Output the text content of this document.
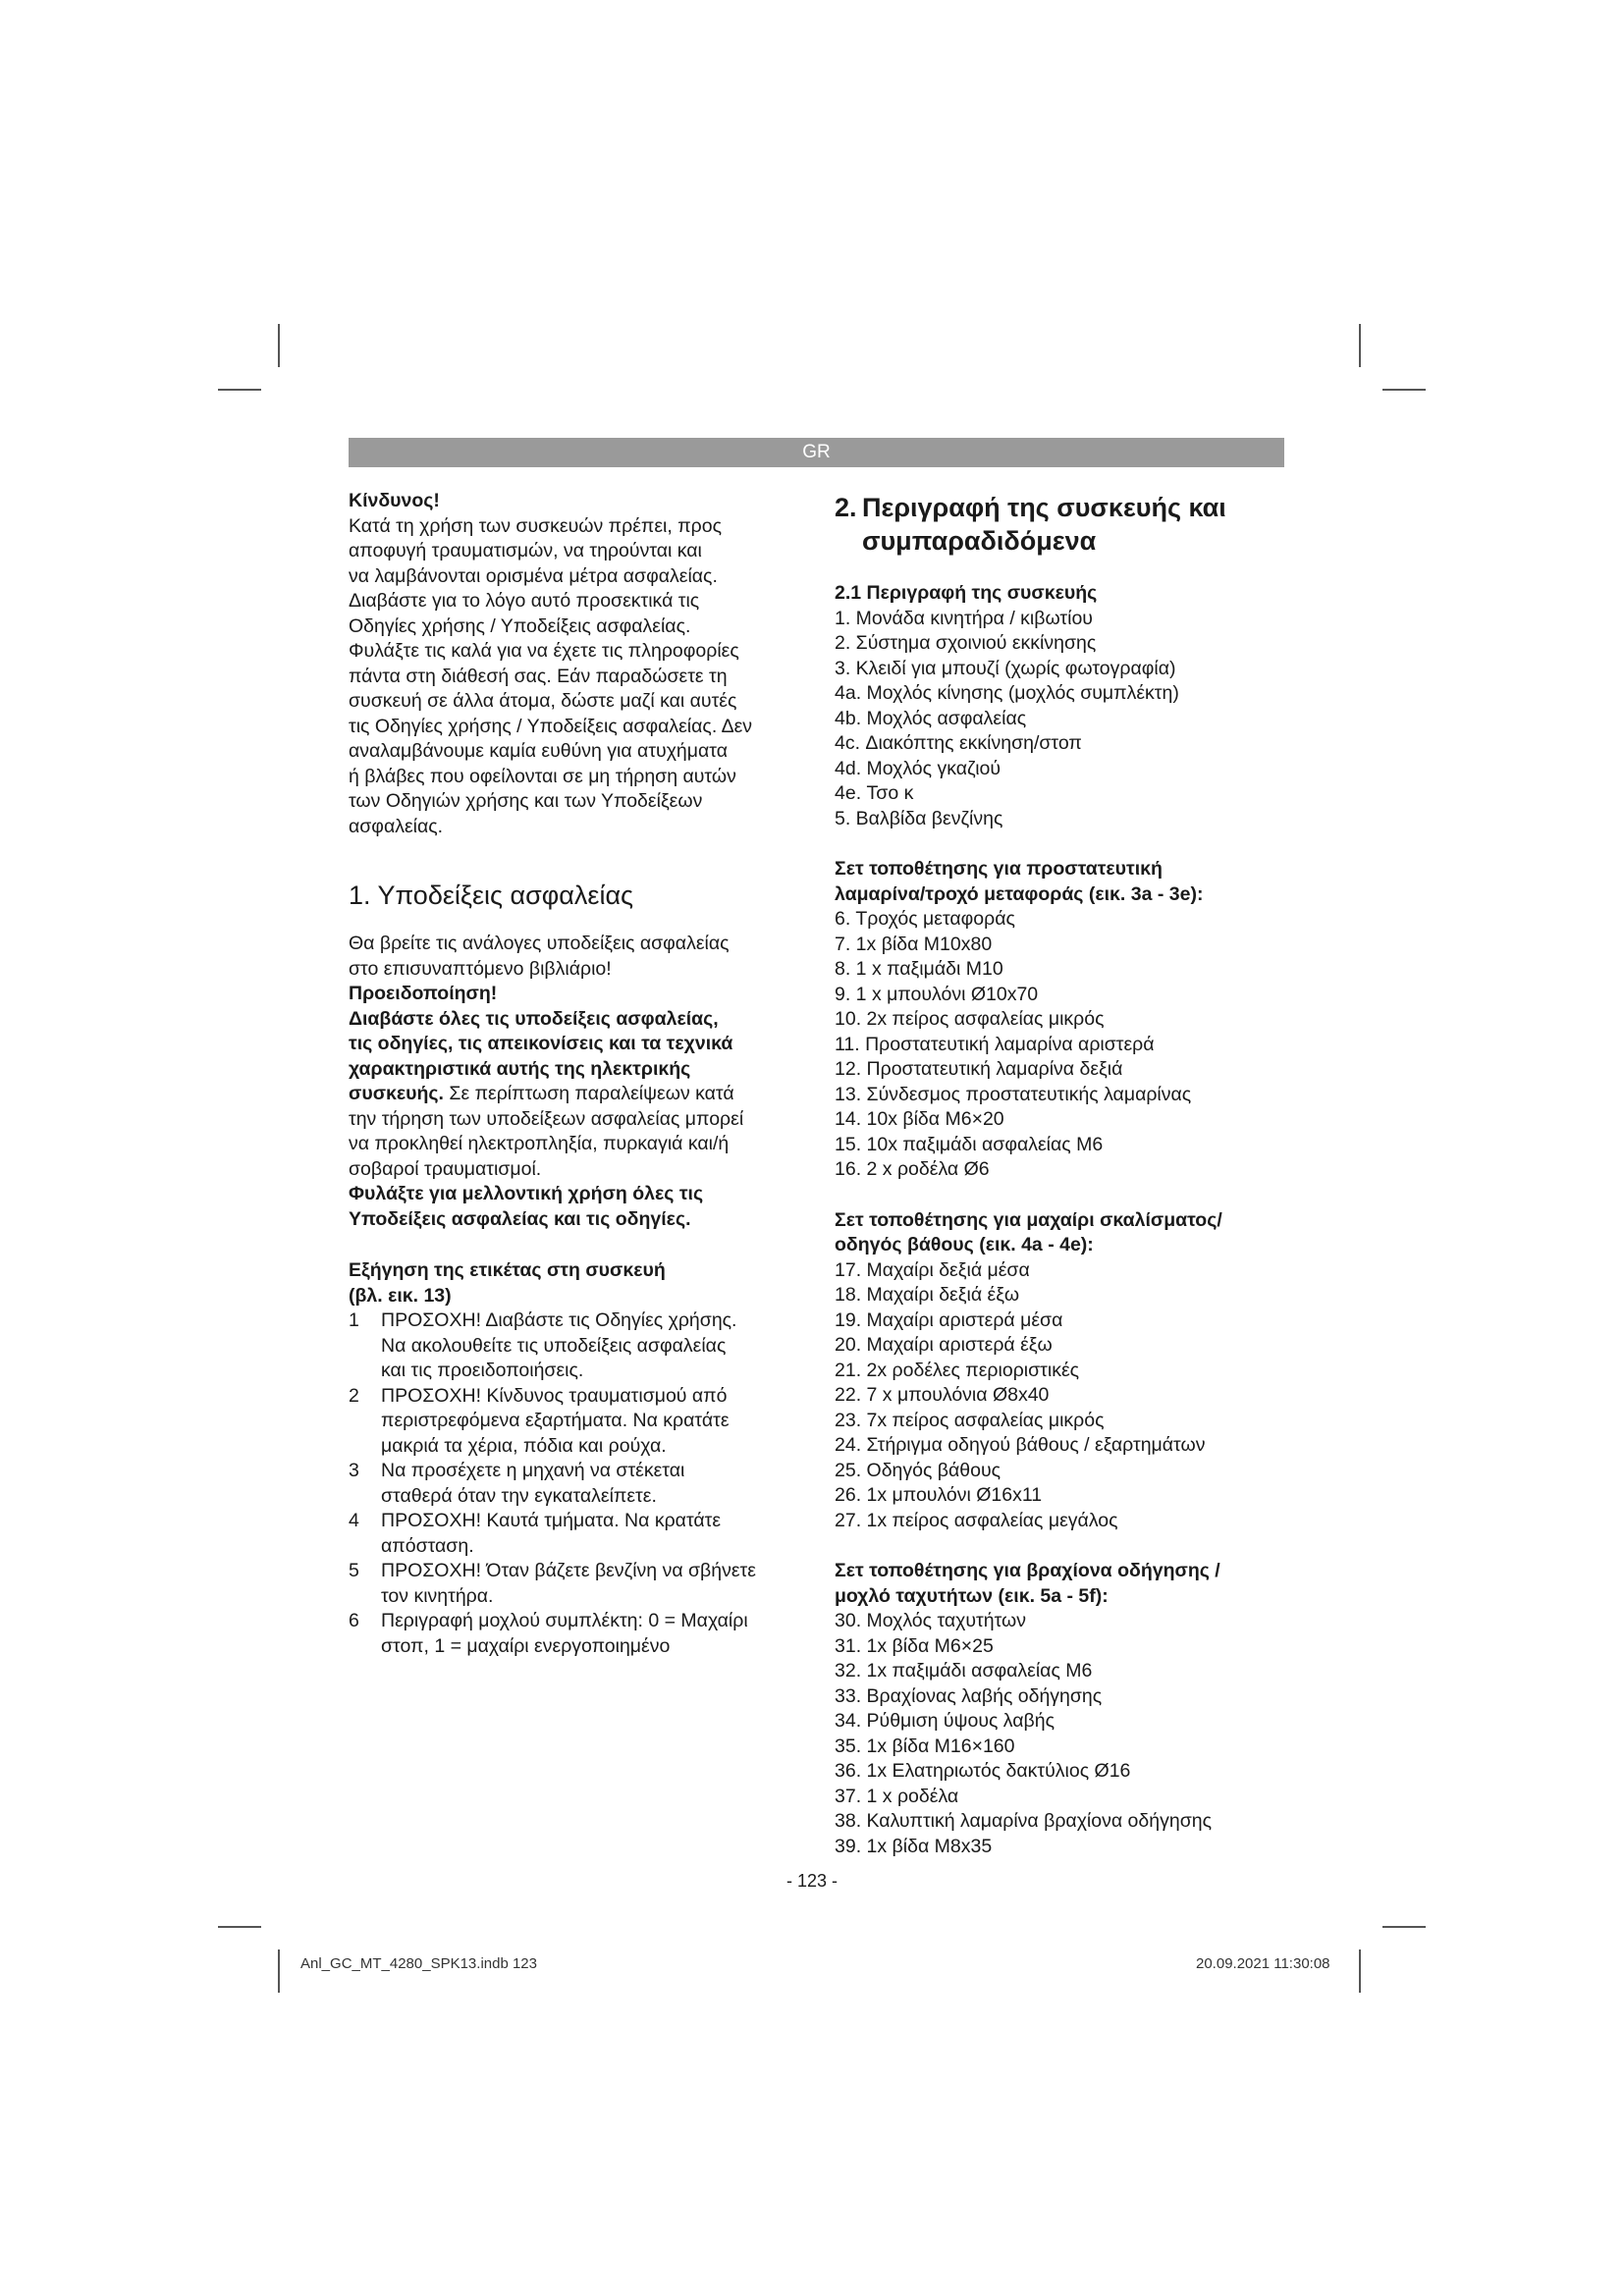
GR

Κίνδυνος!

Κατά τη χρήση των συσκευών πρέπει, προς

αποφυγή τραυματισμών, να τηρούνται και

να λαμβάνονται ορισμένα μέτρα ασφαλείας.

Διαβάστε για το λόγο αυτό προσεκτικά τις

Οδηγίες χρήσης / Υποδείξεις ασφαλείας.

Φυλάξτε τις καλά για να έχετε τις πληροφορίες

πάντα στη διάθεσή σας. Εάν παραδώσετε τη

συσκευή σε άλλα άτομα, δώστε μαζί και αυτές

τις Οδηγίες χρήσης / Υποδείξεις ασφαλείας. Δεν

αναλαμβάνουμε καμία ευθύνη για ατυχήματα

ή βλάβες που οφείλονται σε μη τήρηση αυτών

των Οδηγιών χρήσης και των Υποδείξεων

ασφαλείας.

1. Υποδείξεις ασφαλείας

Θα βρείτε τις ανάλογες υποδείξεις ασφαλείας

στο επισυναπτόμενο βιβλιάριο!

Προειδοποίηση!

Διαβάστε όλες τις υποδείξεις ασφαλείας,

τις οδηγίες, τις απεικονίσεις και τα τεχνικά

χαρακτηριστικά αυτής της ηλεκτρικής

συσκευής. Σε περίπτωση παραλείψεων κατά

την τήρηση των υποδείξεων ασφαλείας μπορεί

να προκληθεί ηλεκτροπληξία, πυρκαγιά και/ή

σοβαροί τραυματισμοί.

Φυλάξτε για μελλοντική χρήση όλες τις

Υποδείξεις ασφαλείας και τις οδηγίες.

Εξήγηση της ετικέτας στη συσκευή

(βλ. εικ. 13)

1	ΠΡΟΣΟΧΗ! Διαβάστε τις Οδηγίες χρήσης.

Να ακολουθείτε τις υποδείξεις ασφαλείας

και τις προειδοποιήσεις.

2	ΠΡΟΣΟΧΗ! Κίνδυνος τραυματισμού από

περιστρεφόμενα εξαρτήματα. Να κρατάτε

μακριά τα χέρια, πόδια και ρούχα.

3	Να προσέχετε η μηχανή να στέκεται

σταθερά όταν την εγκαταλείπετε.

4	ΠΡΟΣΟΧΗ! Καυτά τμήματα. Να κρατάτε

απόσταση.

5	ΠΡΟΣΟΧΗ! Όταν βάζετε βενζίνη να σβήνετε

τον κινητήρα.

6	Περιγραφή μοχλού συμπλέκτη: 0 = Μαχαίρι

στοπ, 1 = μαχαίρι ενεργοποιημένο

2. Περιγραφή της συσκευής και

συμπαραδιδόμενα

2.1 Περιγραφή της συσκευής

1. Μονάδα κινητήρα / κιβωτίου
2. Σύστημα σχοινιού εκκίνησης
3. Κλειδί για μπουζί (χωρίς φωτογραφία)
4a. Μοχλός κίνησης (μοχλός συμπλέκτη)
4b. Μοχλός ασφαλείας
4c. Διακόπτης εκκίνηση/στοπ
4d. Μοχλός γκαζιού
4e. Τσο κ
5. Βαλβίδα βενζίνης

Σετ τοποθέτησης για προστατευτική

λαμαρίνα/τροχό μεταφοράς (εικ. 3a - 3e):

6. Τροχός μεταφοράς
7. 1x βίδα M10x80
8. 1 x παξιμάδι M10
9. 1 x μπουλόνι Ø10x70
10. 2x πείρος ασφαλείας μικρός
11. Προστατευτική λαμαρίνα αριστερά
12. Προστατευτική λαμαρίνα δεξιά
13. Σύνδεσμος προστατευτικής λαμαρίνας
14. 10x βίδα M6×20
15. 10x παξιμάδι ασφαλείας M6
16. 2 x ροδέλα Ø6

Σετ τοποθέτησης για μαχαίρι σκαλίσματος/

οδηγός βάθους (εικ. 4a - 4e):

17. Μαχαίρι δεξιά μέσα
18. Μαχαίρι δεξιά έξω
19. Μαχαίρι αριστερά μέσα
20. Μαχαίρι αριστερά έξω
21. 2x ροδέλες περιοριστικές
22. 7 x μπουλόνια Ø8x40
23. 7x πείρος ασφαλείας μικρός
24. Στήριγμα οδηγού βάθους / εξαρτημάτων
25. Οδηγός βάθους
26. 1x μπουλόνι Ø16x11
27. 1x πείρος ασφαλείας μεγάλος

Σετ τοποθέτησης για βραχίονα οδήγησης /

μοχλό ταχυτήτων (εικ. 5a - 5f):

30. Μοχλός ταχυτήτων
31. 1x βίδα M6×25
32. 1x παξιμάδι ασφαλείας M6
33. Βραχίονας λαβής οδήγησης
34. Ρύθμιση ύψους λαβής
35. 1x βίδα M16×160
36. 1x Ελατηριωτός δακτύλιος Ø16
37. 1 x ροδέλα
38. Καλυπτική λαμαρίνα βραχίονα οδήγησης
39. 1x βίδα M8x35
- 123 -
Anl_GC_MT_4280_SPK13.indb 123	20.09.2021 11:30:08
